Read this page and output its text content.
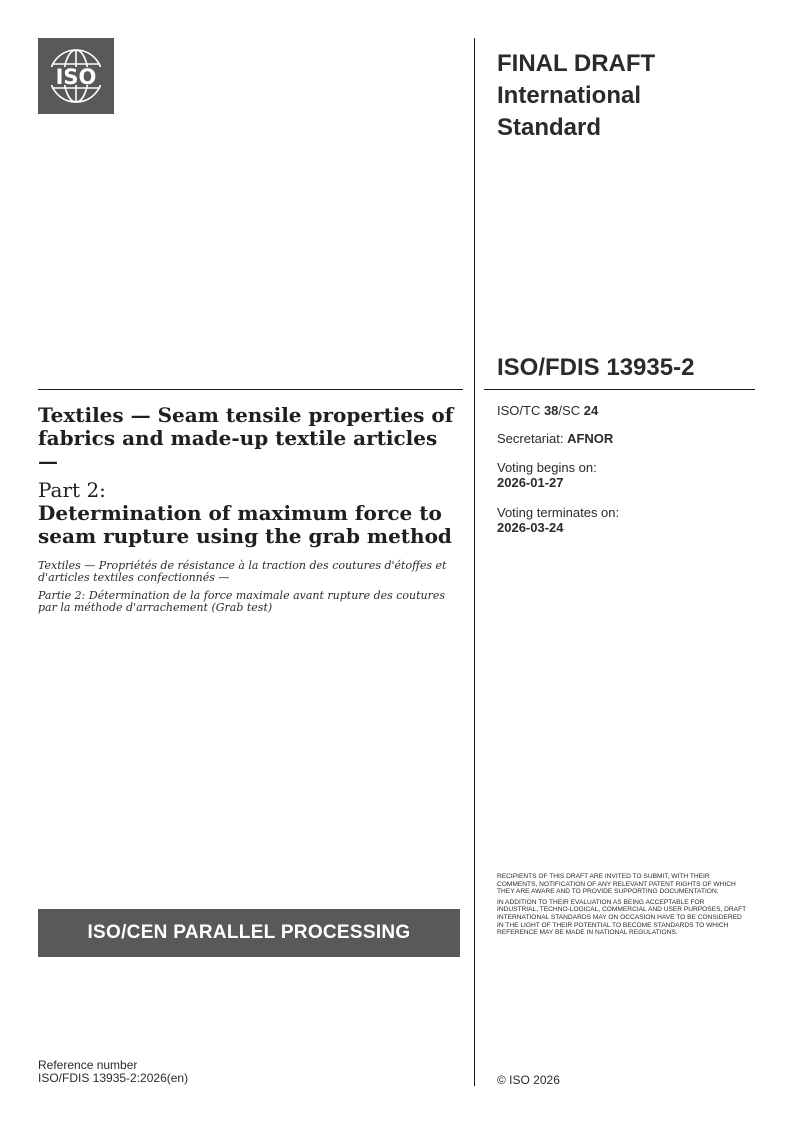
ISO	FINAL DRAFT
International
Standard
ISO/FDIS 13935-2
ISO/TC 38/SC 24
Secretariat: AFNOR
Voting begins on:
2026-01-27
Voting terminates on:
2026-03-24
Textiles — Seam tensile properties of fabrics and made-up textile articles —
Part 2:
Determination of maximum force to seam rupture using the grab method
Textiles — Propriétés de résistance à la traction des coutures d'étoffes et d'articles textiles confectionnés —
Partie 2: Détermination de la force maximale avant rupture des coutures par la méthode d'arrachement (Grab test)
ISO/CEN PARALLEL PROCESSING

RECIPIENTS OF THIS DRAFT ARE INVITED TO SUBMIT, WITH THEIR COMMENTS, NOTIFICATION OF ANY RELEVANT PATENT RIGHTS OF WHICH THEY ARE AWARE AND TO PROVIDE SUPPORTING DOCUMENTATION.

IN ADDITION TO THEIR EVALUATION AS BEING ACCEPTABLE FOR INDUSTRIAL, TECHNO-LOGICAL, COMMERCIAL AND USER PURPOSES, DRAFT INTERNATIONAL STANDARDS MAY ON OCCASION HAVE TO BE CONSIDERED IN THE LIGHT OF THEIR POTENTIAL TO BECOME STANDARDS TO WHICH REFERENCE MAY BE MADE IN NATIONAL REGULATIONS.

Reference number
ISO/FDIS 13935-2:2026(en)	© ISO 2026
